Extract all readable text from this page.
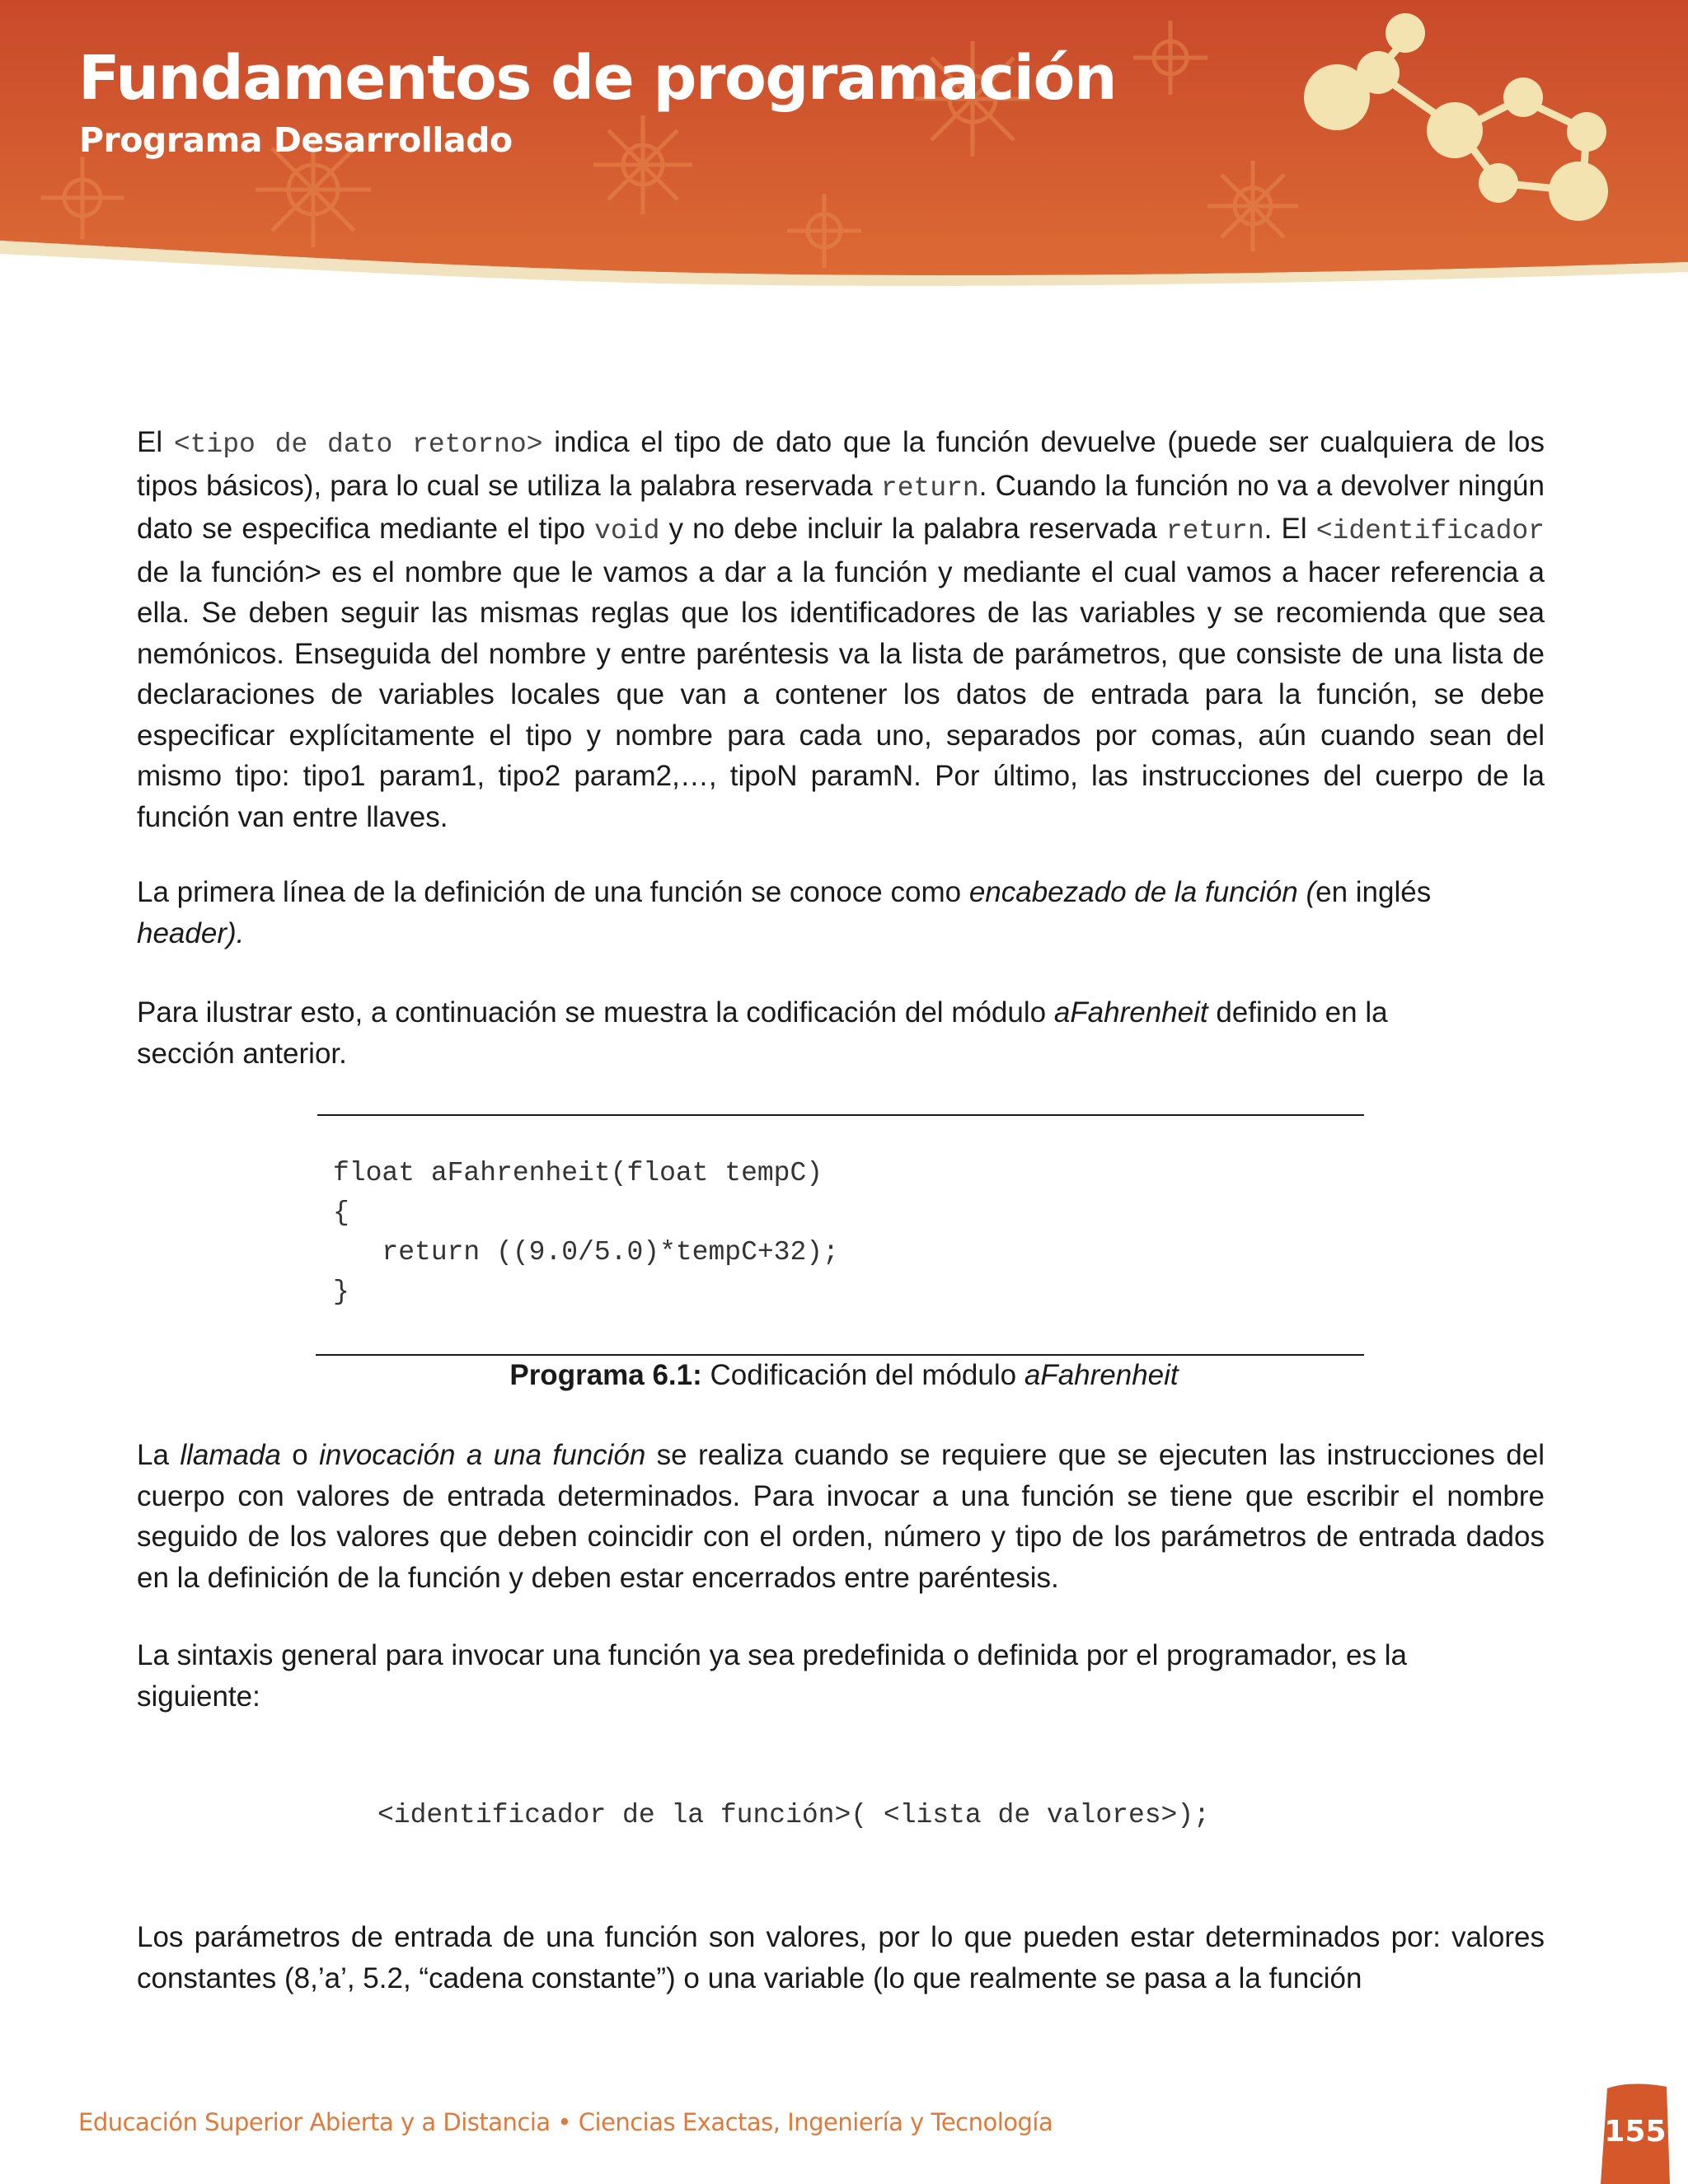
Fundamentos de programación
Programa Desarrollado

El <tipo de dato retorno> indica el tipo de dato que la función devuelve (puede ser cualquiera de los tipos básicos), para lo cual se utiliza la palabra reservada return. Cuando la función no va a devolver ningún dato se especifica mediante el tipo void y no debe incluir la palabra reservada return. El <identificador de la función> es el nombre que le vamos a dar a la función y mediante el cual vamos a hacer referencia a ella. Se deben seguir las mismas reglas que los identificadores de las variables y se recomienda que sea nemónicos. Enseguida del nombre y entre paréntesis va la lista de parámetros, que consiste de una lista de declaraciones de variables locales que van a contener los datos de entrada para la función, se debe especificar explícitamente el tipo y nombre para cada uno, separados por comas, aún cuando sean del mismo tipo: tipo1 param1, tipo2 param2,…, tipoN paramN. Por último, las instrucciones del cuerpo de la función van entre llaves.

La primera línea de la definición de una función se conoce como encabezado de la función (en inglés
header).

Para ilustrar esto, a continuación se muestra la codificación del módulo aFahrenheit definido en la
sección anterior.

float aFahrenheit(float tempC)
{
return ((9.0/5.0)*tempC+32);
}
Programa 6.1: Codificación del módulo aFahrenheit

La llamada o invocación a una función se realiza cuando se requiere que se ejecuten las instrucciones del cuerpo con valores de entrada determinados. Para invocar a una función se tiene que escribir el nombre seguido de los valores que deben coincidir con el orden, número y tipo de los parámetros de entrada dados en la definición de la función y deben estar encerrados entre paréntesis.

La sintaxis general para invocar una función ya sea predefinida o definida por el programador, es la
siguiente:

<identificador de la función>( <lista de valores>);

Los parámetros de entrada de una función son valores, por lo que pueden estar determinados por: valores constantes (8,’a’, 5.2, “cadena constante”) o una variable (lo que realmente se pasa a la función

Educación Superior Abierta y a Distancia • Ciencias Exactas, Ingeniería y Tecnología	155
